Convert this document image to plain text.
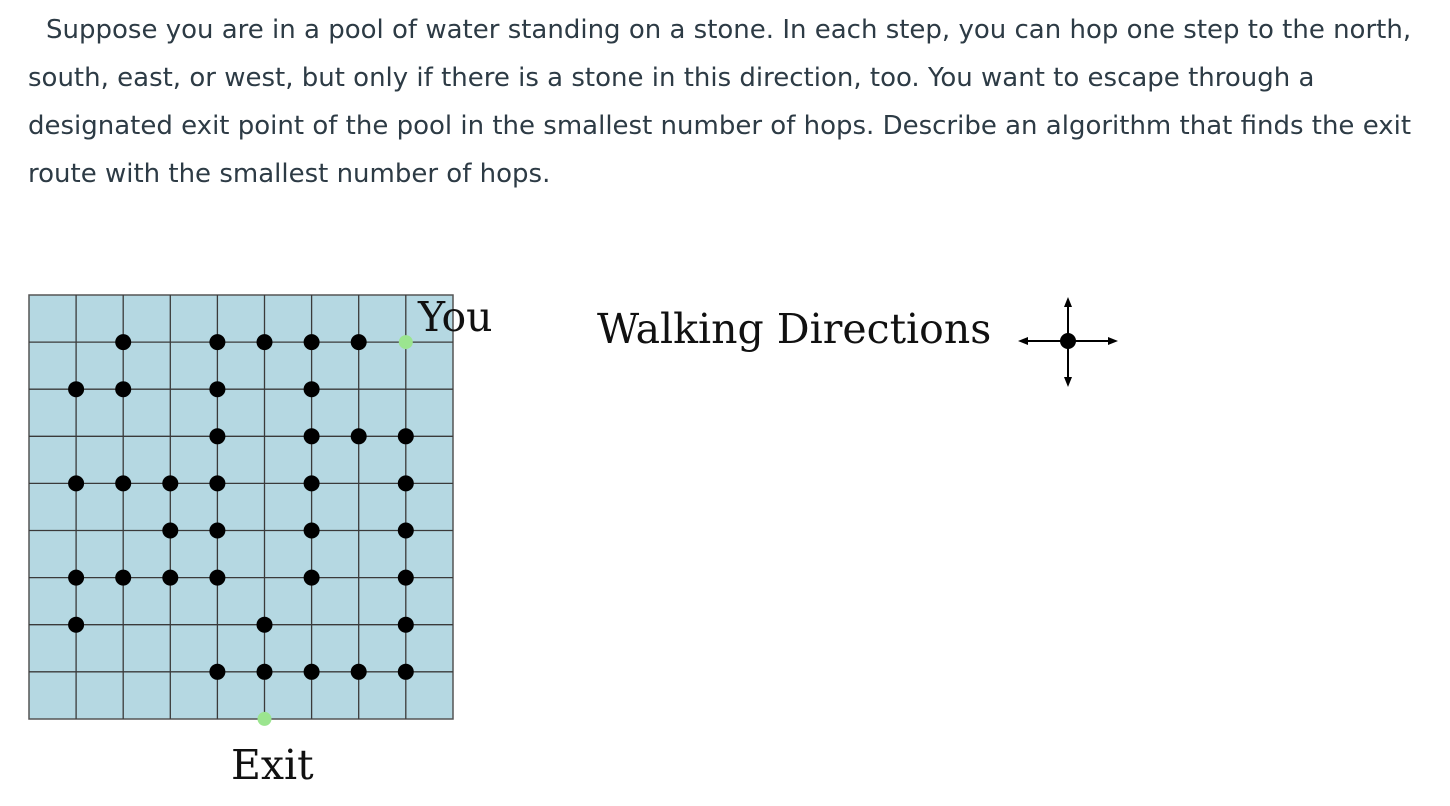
Suppose you are in a pool of water standing on a stone. In each step, you can hop one step to the north, south, east, or west, but only if there is a stone in this direction, too. You want to escape through a designated exit point of the pool in the smallest number of hops. Describe an algorithm that finds the exit route with the smallest number of hops.

You
Exit
Walking Directions
